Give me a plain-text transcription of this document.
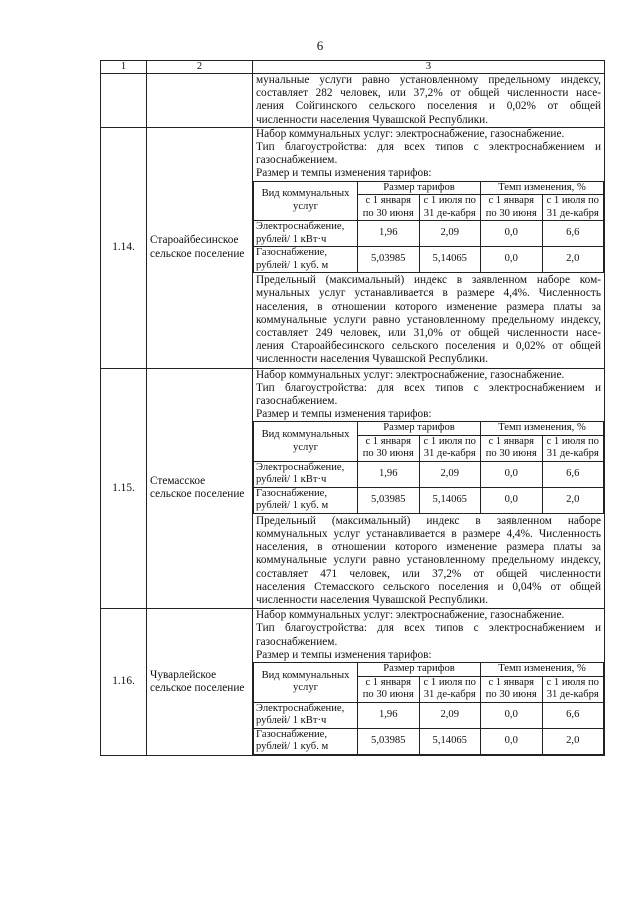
6
1	2	3

мунальные услуги равно установленному предельному индексу,
составляет 282 человек, или 37,2% от общей численности насе-
ления Сойгинского сельского поселения и 0,02% от общей
численности населения Чувашской Республики.

1.14.	Староайбесинское сельское поселение	
Набор коммунальных услуг: электроснабжение, газоснабжение.
Тип благоустройства: для всех типов с электроснабжением и
газоснабжением.
Размер и темпы изменения тарифов:
Вид коммунальных услуг	Размер тарифов	Темп изменения, %
с 1 января по 30 июня	с 1 июля по 31 де-кабря	с 1 января по 30 июня	с 1 июля по 31 де-кабря
Электроснабжение, рублей/ 1 кВт·ч	1,96	2,09	0,0	6,6
Газоснабжение, рублей/ 1 куб. м	5,03985	5,14065	0,0	2,0
Предельный (максимальный) индекс в заявленном наборе ком-
мунальных услуг устанавливается в размере 4,4%. Численность
населения, в отношении которого изменение размера платы за
коммунальные услуги равно установленному предельному индексу,
составляет 249 человек, или 31,0% от общей численности насе-
ления Староайбесинского сельского поселения и 0,02% от общей
численности населения Чувашской Республики.

1.15.	Стемасское сельское поселение	
Набор коммунальных услуг: электроснабжение, газоснабжение.
Тип благоустройства: для всех типов с электроснабжением и
газоснабжением.
Размер и темпы изменения тарифов:
Вид коммунальных услуг	Размер тарифов	Темп изменения, %
с 1 января по 30 июня	с 1 июля по 31 де-кабря	с 1 января по 30 июня	с 1 июля по 31 де-кабря
Электроснабжение, рублей/ 1 кВт·ч	1,96	2,09	0,0	6,6
Газоснабжение, рублей/ 1 куб. м	5,03985	5,14065	0,0	2,0
Предельный (максимальный) индекс в заявленном наборе
коммунальных услуг устанавливается в размере 4,4%. Численность
населения, в отношении которого изменение размера платы за
коммунальные услуги равно установленному предельному индексу,
составляет 471 человек, или 37,2% от общей численности
населения Стемасского сельского поселения и 0,04% от общей
численности населения Чувашской Республики.

1.16.	Чуварлейское сельское поселение	
Набор коммунальных услуг: электроснабжение, газоснабжение.
Тип благоустройства: для всех типов с электроснабжением и
газоснабжением.
Размер и темпы изменения тарифов:
Вид коммунальных услуг	Размер тарифов	Темп изменения, %
с 1 января по 30 июня	с 1 июля по 31 де-кабря	с 1 января по 30 июня	с 1 июля по 31 де-кабря
Электроснабжение, рублей/ 1 кВт·ч	1,96	2,09	0,0	6,6
Газоснабжение, рублей/ 1 куб. м	5,03985	5,14065	0,0	2,0
